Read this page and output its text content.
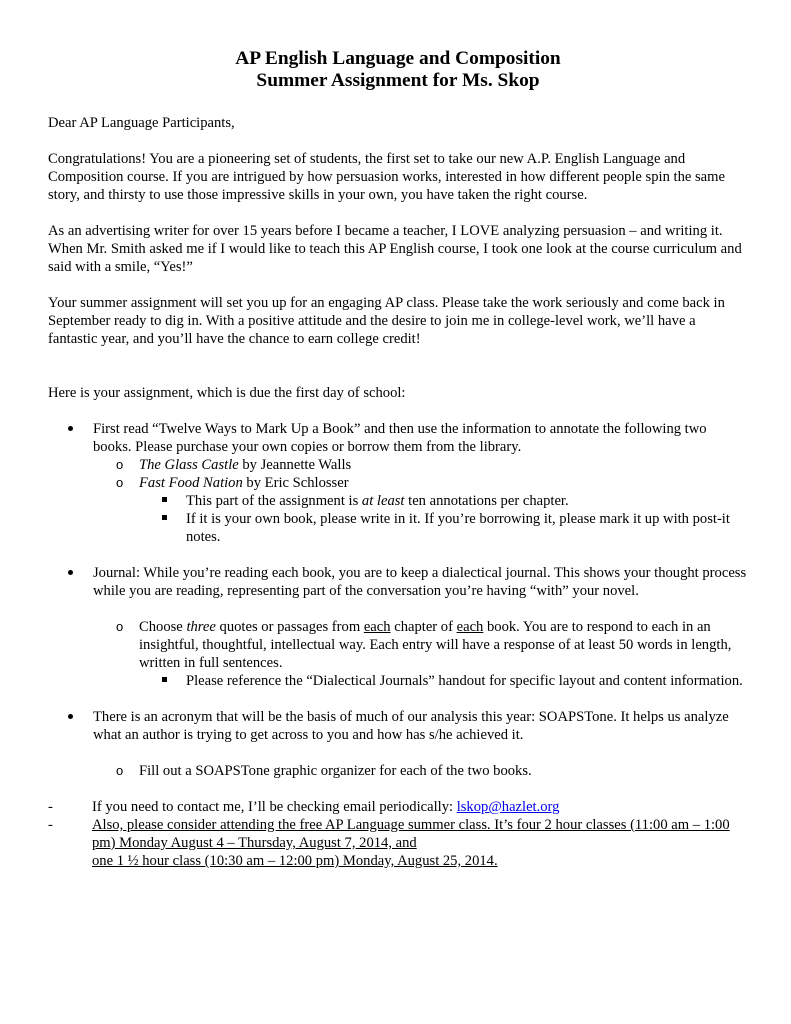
AP English Language and Composition

Summer Assignment for Ms. Skop

Dear AP Language Participants,

Congratulations! You are a pioneering set of students, the first set to take our new A.P. English Language and Composition course. If you are intrigued by how persuasion works, interested in how different people spin the same story, and thirsty to use those impressive skills in your own, you have taken the right course.

As an advertising writer for over 15 years before I became a teacher, I LOVE analyzing persuasion – and writing it. When Mr. Smith asked me if I would like to teach this AP English course, I took one look at the course curriculum and said with a smile, “Yes!”

Your summer assignment will set you up for an engaging AP class. Please take the work seriously and come back in September ready to dig in. With a positive attitude and the desire to join me in college-level work, we’ll have a fantastic year, and you’ll have the chance to earn college credit!

Here is your assignment, which is due the first day of school:

First read “Twelve Ways to Mark Up a Book” and then use the information to annotate the following two books. Please purchase your own copies or borrow them from the library.
o The Glass Castle by Jeannette Walls
o Fast Food Nation by Eric Schlosser
This part of the assignment is at least ten annotations per chapter.
If it is your own book, please write in it. If you’re borrowing it, please mark it up with post-it notes.
Journal: While you’re reading each book, you are to keep a dialectical journal. This shows your thought process while you are reading, representing part of the conversation you’re having “with” your novel.
o Choose three quotes or passages from each chapter of each book. You are to respond to each in an insightful, thoughtful, intellectual way. Each entry will have a response of at least 50 words in length, written in full sentences.
Please reference the “Dialectical Journals” handout for specific layout and content information.
There is an acronym that will be the basis of much of our analysis this year: SOAPSTone. It helps us analyze what an author is trying to get across to you and how has s/he achieved it.
o Fill out a SOAPSTone graphic organizer for each of the two books.
-	If you need to contact me, I’ll be checking email periodically: lskop@hazlet.org
-	Also, please consider attending the free AP Language summer class. It’s four 2 hour classes (11:00 am – 1:00 pm) Monday August 4 – Thursday, August 7, 2014, and
one 1 ½ hour class (10:30 am – 12:00 pm) Monday, August 25, 2014.
